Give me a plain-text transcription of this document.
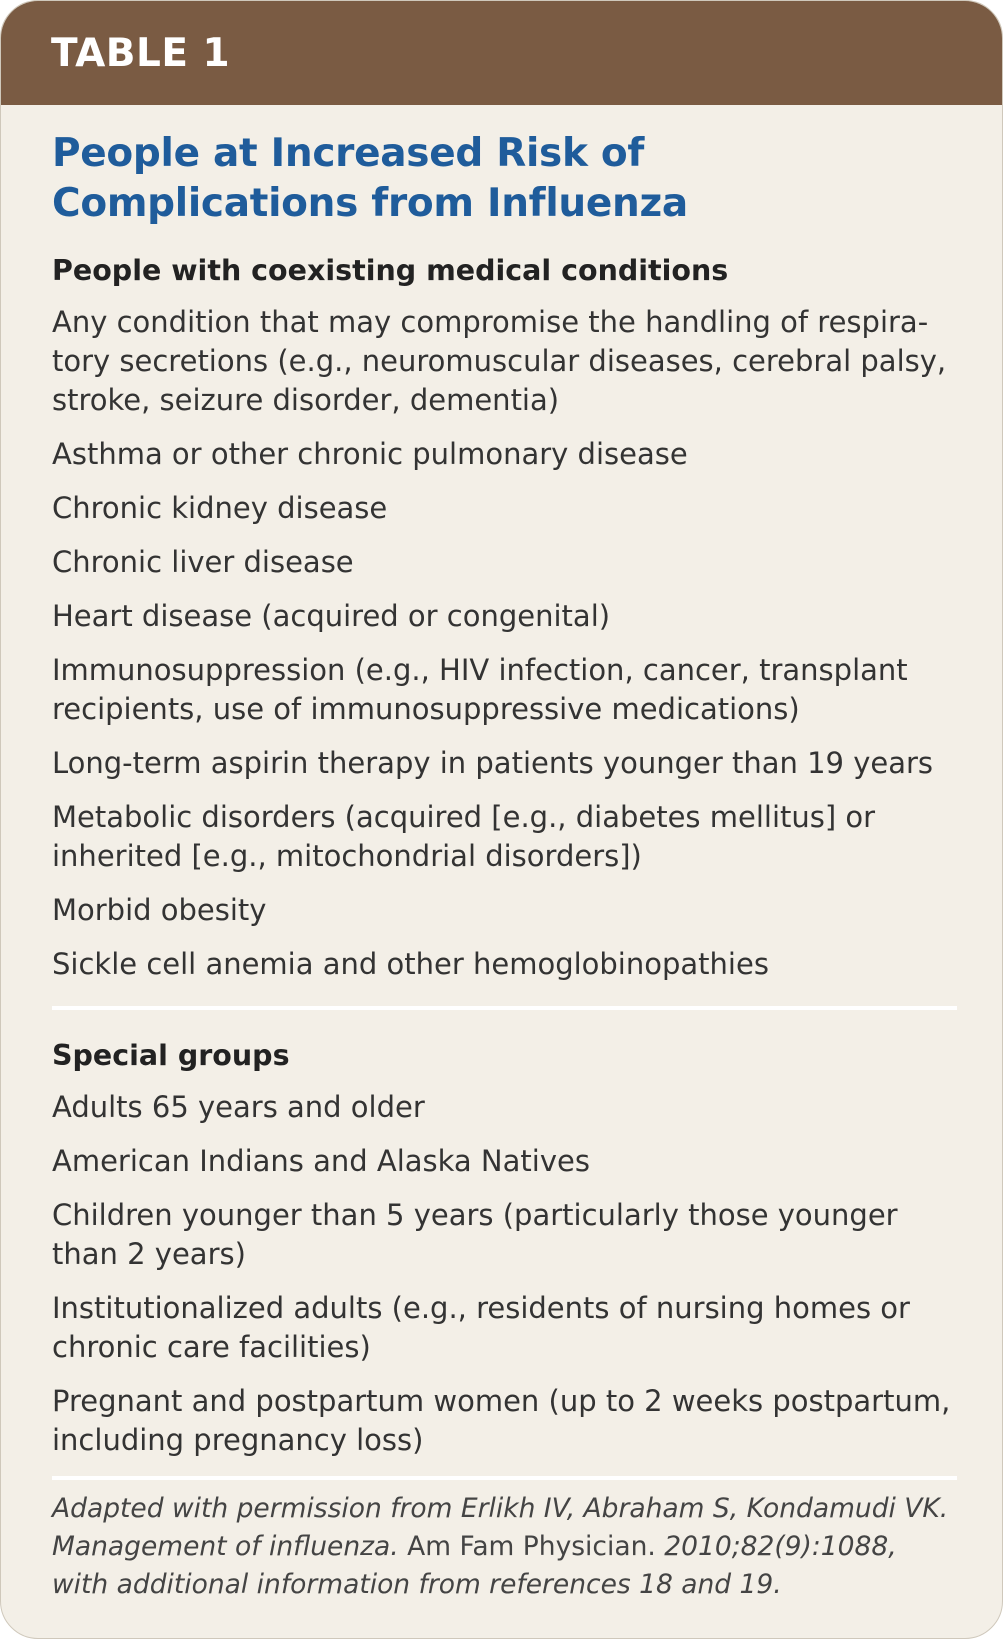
TABLE 1
People at Increased Risk of Complications from Influenza
People with coexisting medical conditions
Any condition that may compromise the handling of respira-tory secretions (e.g., neuromuscular diseases, cerebral palsy, stroke, seizure disorder, dementia)
Asthma or other chronic pulmonary disease
Chronic kidney disease
Chronic liver disease
Heart disease (acquired or congenital)
Immunosuppression (e.g., HIV infection, cancer, transplant recipients, use of immunosuppressive medications)
Long-term aspirin therapy in patients younger than 19 years
Metabolic disorders (acquired [e.g., diabetes mellitus] or inherited [e.g., mitochondrial disorders])
Morbid obesity
Sickle cell anemia and other hemoglobinopathies
Special groups
Adults 65 years and older
American Indians and Alaska Natives
Children younger than 5 years (particularly those younger than 2 years)
Institutionalized adults (e.g., residents of nursing homes or chronic care facilities)
Pregnant and postpartum women (up to 2 weeks postpartum, including pregnancy loss)
Adapted with permission from Erlikh IV, Abraham S, Kondamudi VK. Management of influenza. Am Fam Physician. 2010;82(9):1088, with additional information from references 18 and 19.
